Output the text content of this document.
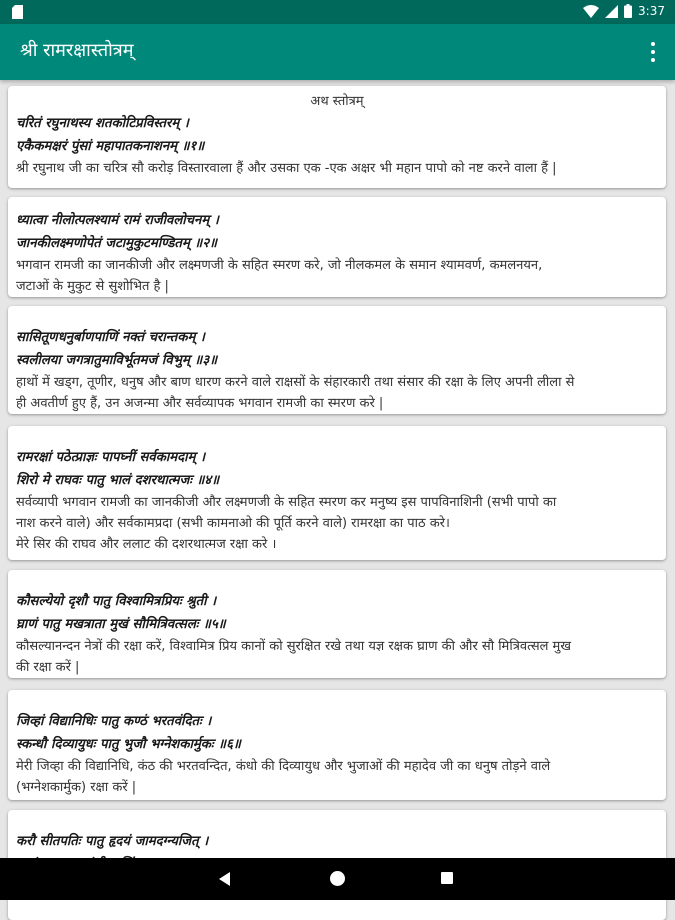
3:37
श्री रामरक्षास्तोत्रम्
अथ स्तोत्रम्
चरितं रघुनाथस्य शतकोटिप्रविस्तरम् ।
एकैकमक्षरं पुंसां महापातकनाशनम् ॥१॥
श्री रघुनाथ जी का चरित्र सौ करोड़ विस्तारवाला हैं और उसका एक -एक अक्षर भी महान पापो को नष्ट करने वाला हैं |
ध्यात्वा नीलोत्पलश्यामं रामं राजीवलोचनम् ।
जानकीलक्ष्मणोपेतं जटामुकुटमण्डितम् ॥२॥
भगवान रामजी का जानकीजी और लक्ष्मणजी के सहित स्मरण करे, जो नीलकमल के समान श्यामवर्ण, कमलनयन,
जटाओं के मुकुट से सुशोभित है |
सासितूणधनुर्बाणपाणिं नक्तं चरान्तकम् ।
स्वलीलया जगत्रातुमाविर्भूतमजं विभुम् ॥३॥
हाथों में खड्ग, तूणीर, धनुष और बाण धारण करने वाले राक्षसों के संहारकारी तथा संसार की रक्षा के लिए अपनी लीला से
ही अवतीर्ण हुए हैं, उन अजन्मा और सर्वव्यापक भगवान रामजी का स्मरण करे |
रामरक्षां पठेत्प्राज्ञः पापघ्नीं सर्वकामदाम् ।
शिरो मे राघवः पातु भालं दशरथात्मजः ॥४॥
सर्वव्यापी भगवान रामजी का जानकीजी और लक्ष्मणजी के सहित स्मरण कर मनुष्य इस पापविनाशिनी (सभी पापो का
नाश करने वाले) और सर्वकामप्रदा (सभी कामनाओ की पूर्ति करने वाले) रामरक्षा का पाठ करे।
मेरे सिर की राघव और ललाट की दशरथात्मज रक्षा करे ।
कौसल्येयो दृशौ पातु विश्वामित्रप्रियः श्रुती ।
घ्राणं पातु मखत्राता मुखं सौमित्रिवत्सलः ॥५॥
कौसल्यानन्दन नेत्रों की रक्षा करें, विश्वामित्र प्रिय कानों को सुरक्षित रखे तथा यज्ञ रक्षक घ्राण की और सौ मित्रिवत्सल मुख
की रक्षा करें |
जिव्हां विद्यानिधिः पातु कण्ठं भरतवंदितः ।
स्कन्धौ दिव्यायुधः पातु भुजौ भग्नेशकार्मुकः ॥६॥
मेरी जिव्हा की विद्यानिधि, कंठ की भरतवन्दित, कंधो की दिव्यायुध और भुजाओं की महादेव जी का धनुष तोड़ने वाले
(भग्नेशकार्मुक) रक्षा करें |
करौ सीतपतिः पातु हृदयं जामदग्न्यजित् ।
